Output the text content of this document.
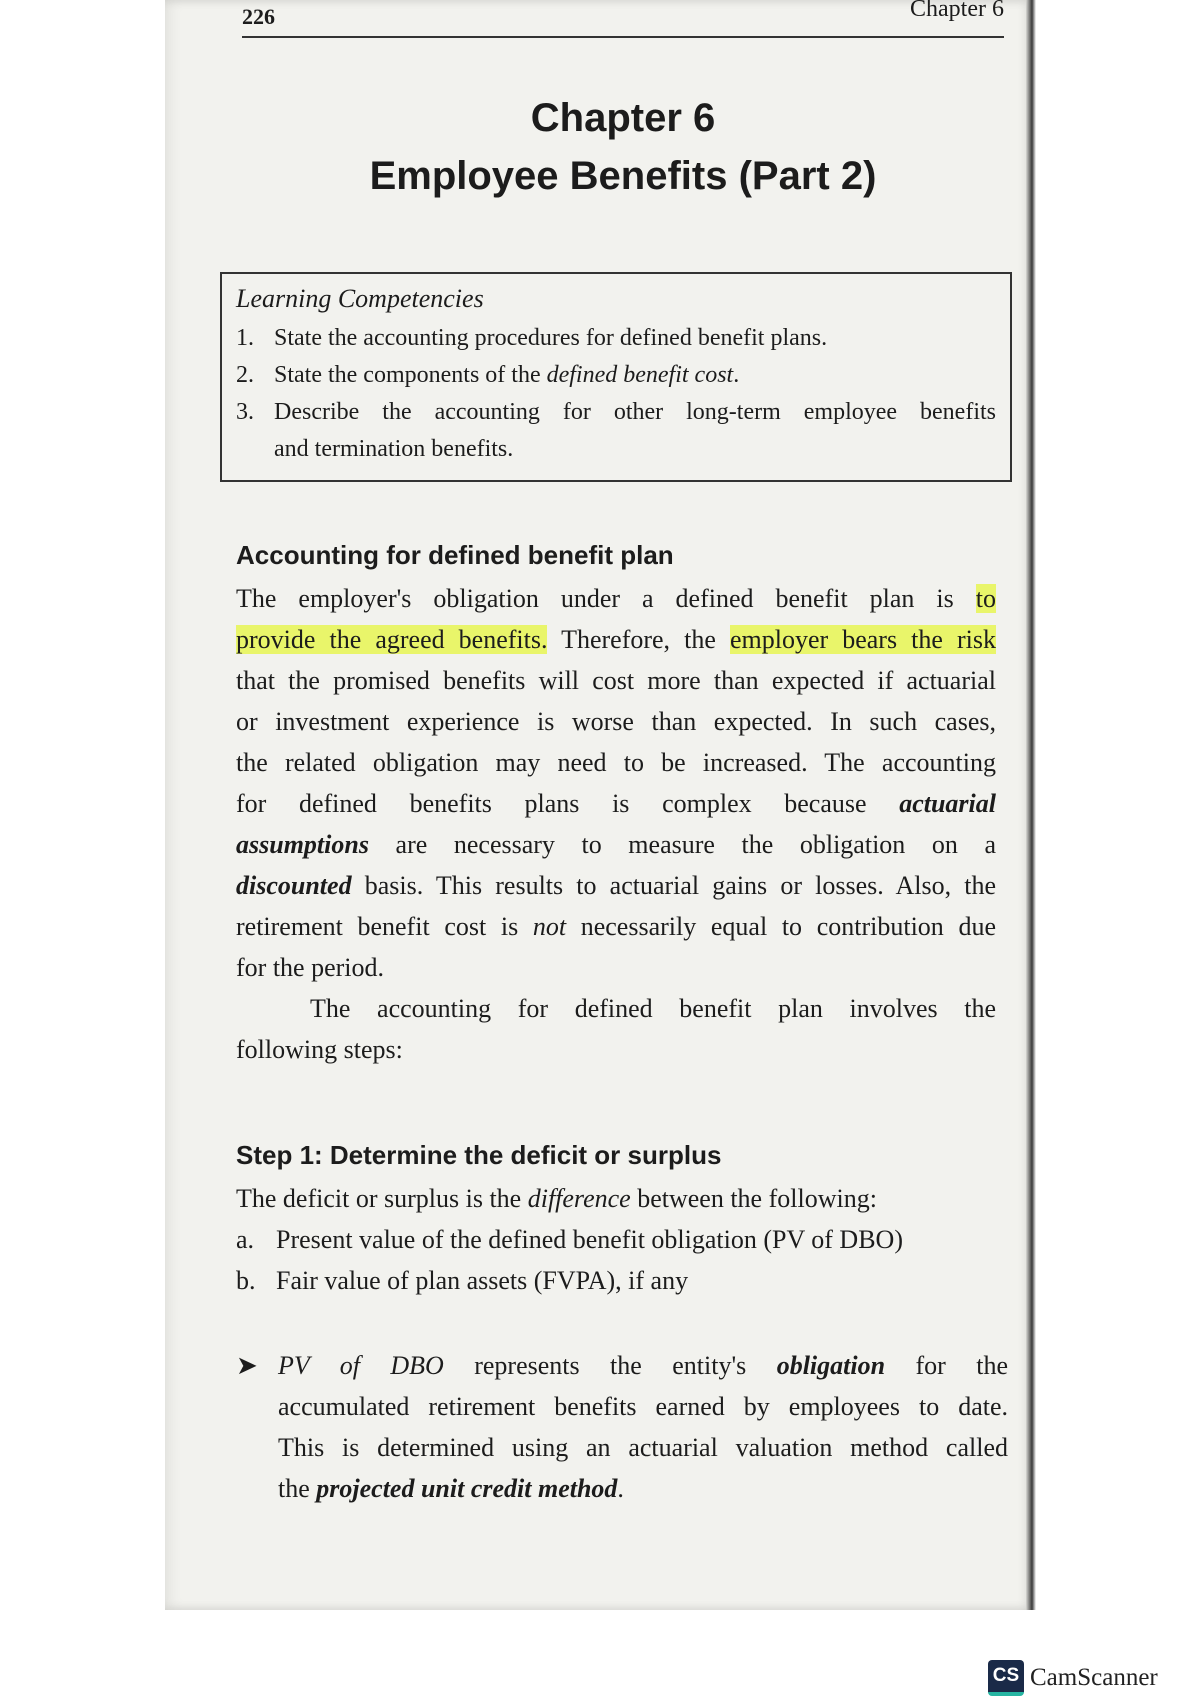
226	Chapter 6
Chapter 6
Employee Benefits (Part 2)
Learning Competencies
1. State the accounting procedures for defined benefit plans.
2. State the components of the defined benefit cost.
3. Describe the accounting for other long-term employee benefits
and termination benefits.
Accounting for defined benefit plan
The employer's obligation under a defined benefit plan is to
provide the agreed benefits. Therefore, the employer bears the risk
that the promised benefits will cost more than expected if actuarial
or investment experience is worse than expected. In such cases,
the related obligation may need to be increased. The accounting
for defined benefits plans is complex because actuarial
assumptions are necessary to measure the obligation on a
discounted basis. This results to actuarial gains or losses. Also, the
retirement benefit cost is not necessarily equal to contribution due
for the period.
The accounting for defined benefit plan involves the
following steps:
Step 1: Determine the deficit or surplus
The deficit or surplus is the difference between the following:
a. Present value of the defined benefit obligation (PV of DBO)
b. Fair value of plan assets (FVPA), if any
➤ PV of DBO represents the entity's obligation for the
accumulated retirement benefits earned by employees to date.
This is determined using an actuarial valuation method called
the projected unit credit method.
CS CamScanner
